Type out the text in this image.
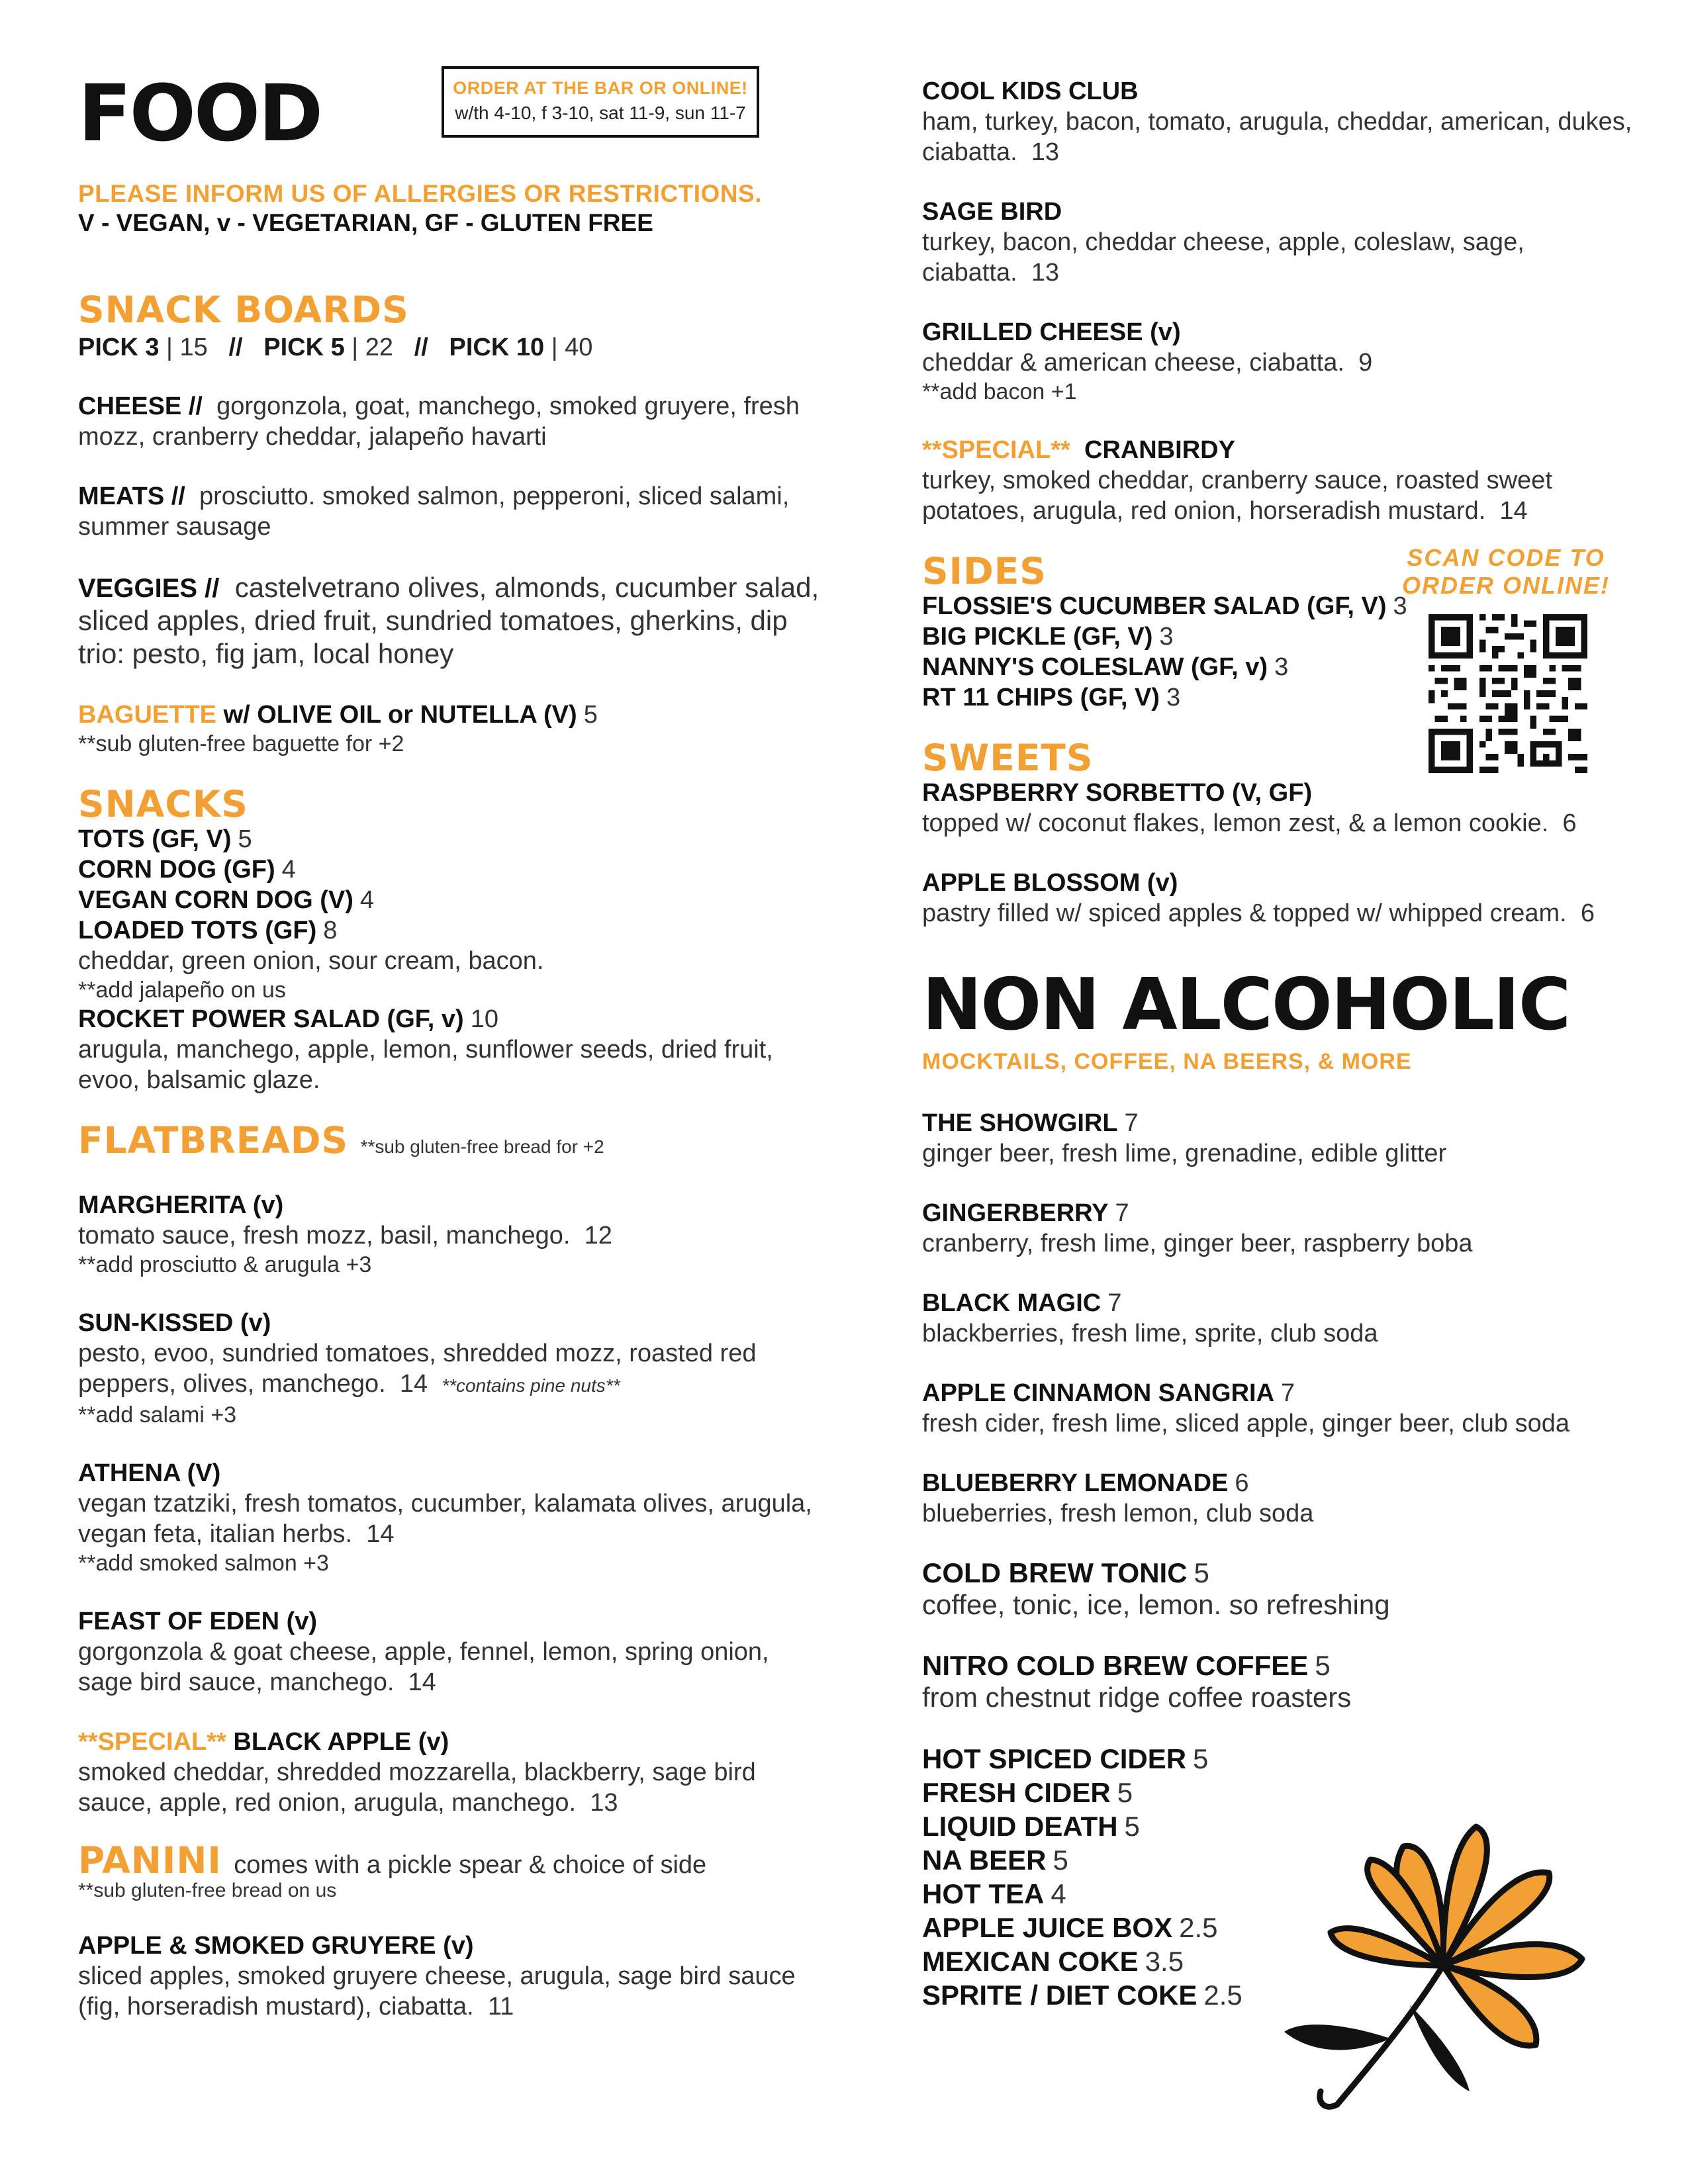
FOOD	ORDER AT THE BAR OR ONLINE!
w/th 4-10, f 3-10, sat 11-9, sun 11-7
PLEASE INFORM US OF ALLERGIES OR RESTRICTIONS.
V - VEGAN, v - VEGETARIAN, GF - GLUTEN FREE
SNACK BOARDS
PICK 3 | 15   //   PICK 5 | 22   //   PICK 10 | 40
CHEESE // gorgonzola, goat, manchego, smoked gruyere, fresh mozz, cranberry cheddar, jalapeño havarti
MEATS // prosciutto. smoked salmon, pepperoni, sliced salami, summer sausage
VEGGIES // castelvetrano olives, almonds, cucumber salad, sliced apples, dried fruit, sundried tomatoes, gherkins, dip trio: pesto, fig jam, local honey
BAGUETTE w/ OLIVE OIL or NUTELLA (V) 5
**sub gluten-free baguette for +2
SNACKS
TOTS (GF, V) 5
CORN DOG (GF) 4
VEGAN CORN DOG (V) 4
LOADED TOTS (GF) 8
cheddar, green onion, sour cream, bacon.
**add jalapeño on us
ROCKET POWER SALAD (GF, v) 10
arugula, manchego, apple, lemon, sunflower seeds, dried fruit, evoo, balsamic glaze.
FLATBREADS **sub gluten-free bread for +2
MARGHERITA (v)
tomato sauce, fresh mozz, basil, manchego. 12
**add prosciutto & arugula +3
SUN-KISSED (v)
pesto, evoo, sundried tomatoes, shredded mozz, roasted red
peppers, olives, manchego. 14 **contains pine nuts**
**add salami +3
ATHENA (V)
vegan tzatziki, fresh tomatos, cucumber, kalamata olives, arugula, vegan feta, italian herbs. 14
**add smoked salmon +3
FEAST OF EDEN (v)
gorgonzola & goat cheese, apple, fennel, lemon, spring onion, sage bird sauce, manchego. 14
**SPECIAL** BLACK APPLE (v)
smoked cheddar, shredded mozzarella, blackberry, sage bird sauce, apple, red onion, arugula, manchego. 13
PANINI comes with a pickle spear & choice of side
**sub gluten-free bread on us
APPLE & SMOKED GRUYERE (v)
sliced apples, smoked gruyere cheese, arugula, sage bird sauce (fig, horseradish mustard), ciabatta. 11
COOL KIDS CLUB
ham, turkey, bacon, tomato, arugula, cheddar, american, dukes, ciabatta. 13
SAGE BIRD
turkey, bacon, cheddar cheese, apple, coleslaw, sage, ciabatta. 13
GRILLED CHEESE (v)
cheddar & american cheese, ciabatta. 9
**add bacon +1
**SPECIAL** CRANBIRDY
turkey, smoked cheddar, cranberry sauce, roasted sweet potatoes, arugula, red onion, horseradish mustard. 14
SIDES
FLOSSIE'S CUCUMBER SALAD (GF, V) 3
BIG PICKLE (GF, V) 3
NANNY'S COLESLAW (GF, v) 3
RT 11 CHIPS (GF, V) 3
SWEETS
RASPBERRY SORBETTO (V, GF)
topped w/ coconut flakes, lemon zest, & a lemon cookie. 6
APPLE BLOSSOM (v)
pastry filled w/ spiced apples & topped w/ whipped cream. 6
NON ALCOHOLIC
MOCKTAILS, COFFEE, NA BEERS, & MORE
THE SHOWGIRL 7
ginger beer, fresh lime, grenadine, edible glitter
GINGERBERRY 7
cranberry, fresh lime, ginger beer, raspberry boba
BLACK MAGIC 7
blackberries, fresh lime, sprite, club soda
APPLE CINNAMON SANGRIA 7
fresh cider, fresh lime, sliced apple, ginger beer, club soda
BLUEBERRY LEMONADE 6
blueberries, fresh lemon, club soda
COLD BREW TONIC 5
coffee, tonic, ice, lemon. so refreshing
NITRO COLD BREW COFFEE 5
from chestnut ridge coffee roasters
HOT SPICED CIDER 5
FRESH CIDER 5
LIQUID DEATH 5
NA BEER 5
HOT TEA 4
APPLE JUICE BOX 2.5
MEXICAN COKE 3.5
SPRITE / DIET COKE 2.5
SCAN CODE TO
ORDER ONLINE!
